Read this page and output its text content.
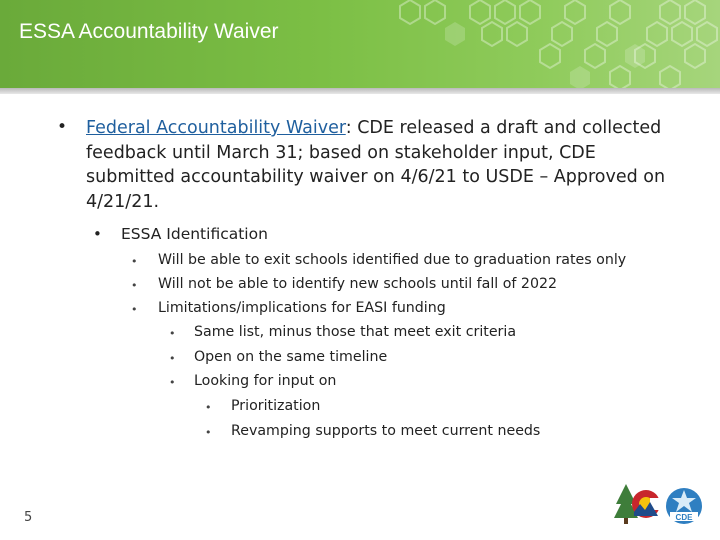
ESSA Accountability Waiver
• Federal Accountability Waiver: CDE released a draft and collected feedback until March 31; based on stakeholder input, CDE submitted accountability waiver on 4/6/21 to USDE – Approved on 4/21/21.
• ESSA Identification
• Will be able to exit schools identified due to graduation rates only
• Will not be able to identify new schools until fall of 2022
• Limitations/implications for EASI funding
• Same list, minus those that meet exit criteria
• Open on the same timeline
• Looking for input on
• Prioritization
• Revamping supports to meet current needs
5	CDE
